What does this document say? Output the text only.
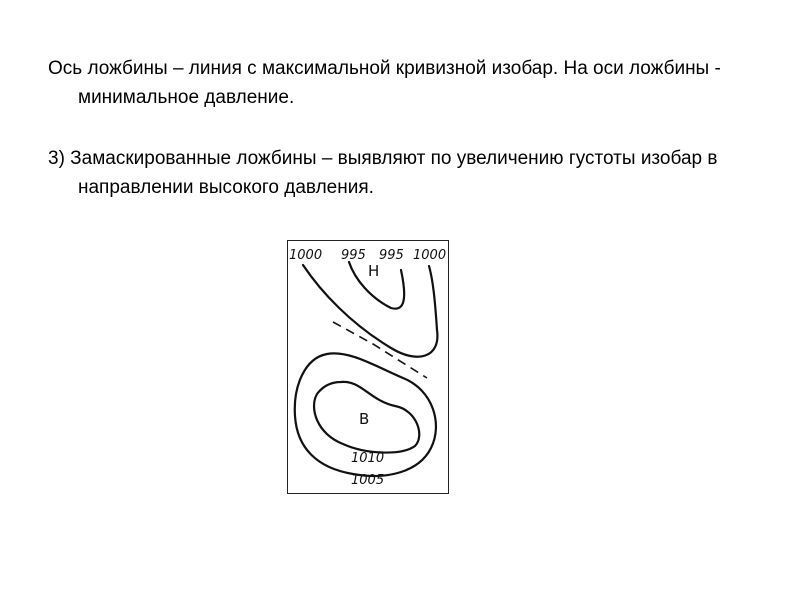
Ось ложбины – линия с максимальной кривизной изобар. На оси ложбины - минимальное давление.

3) Замаскированные ложбины – выявляют по увеличению густоты изобар в направлении высокого давления.

1000 995 995 1000
Н
В
1010
1005
